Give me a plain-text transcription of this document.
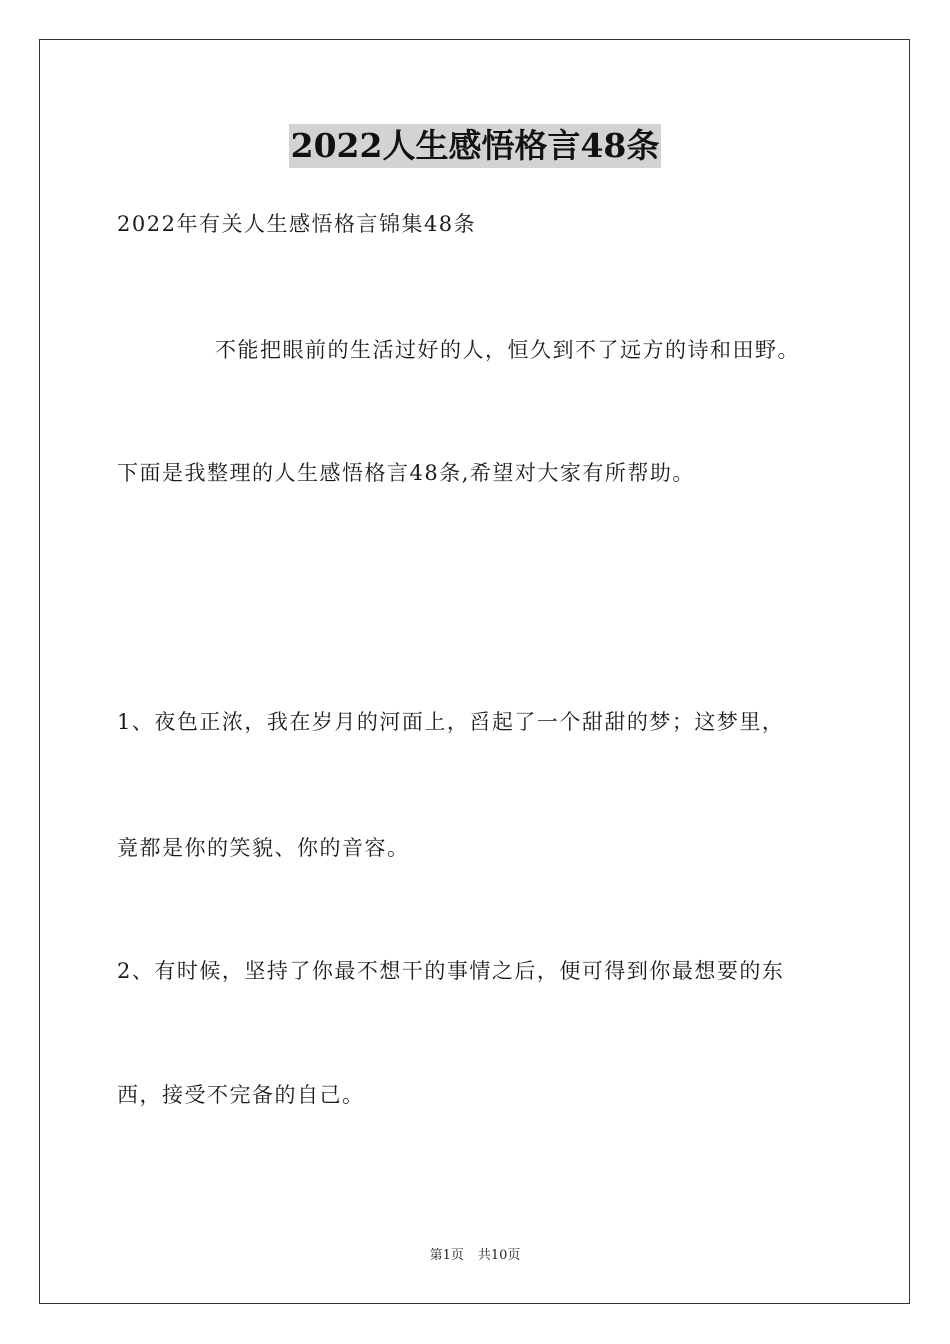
2022人生感悟格言48条

2022年有关人生感悟格言锦集48条

不能把眼前的生活过好的人，恒久到不了远方的诗和田野。

下面是我整理的人生感悟格言48条,希望对大家有所帮助。

1、夜色正浓，我在岁月的河面上，舀起了一个甜甜的梦；这梦里，

竟都是你的笑貌、你的音容。

2、有时候，坚持了你最不想干的事情之后，便可得到你最想要的东

西，接受不完备的自己。

第1页 共10页
